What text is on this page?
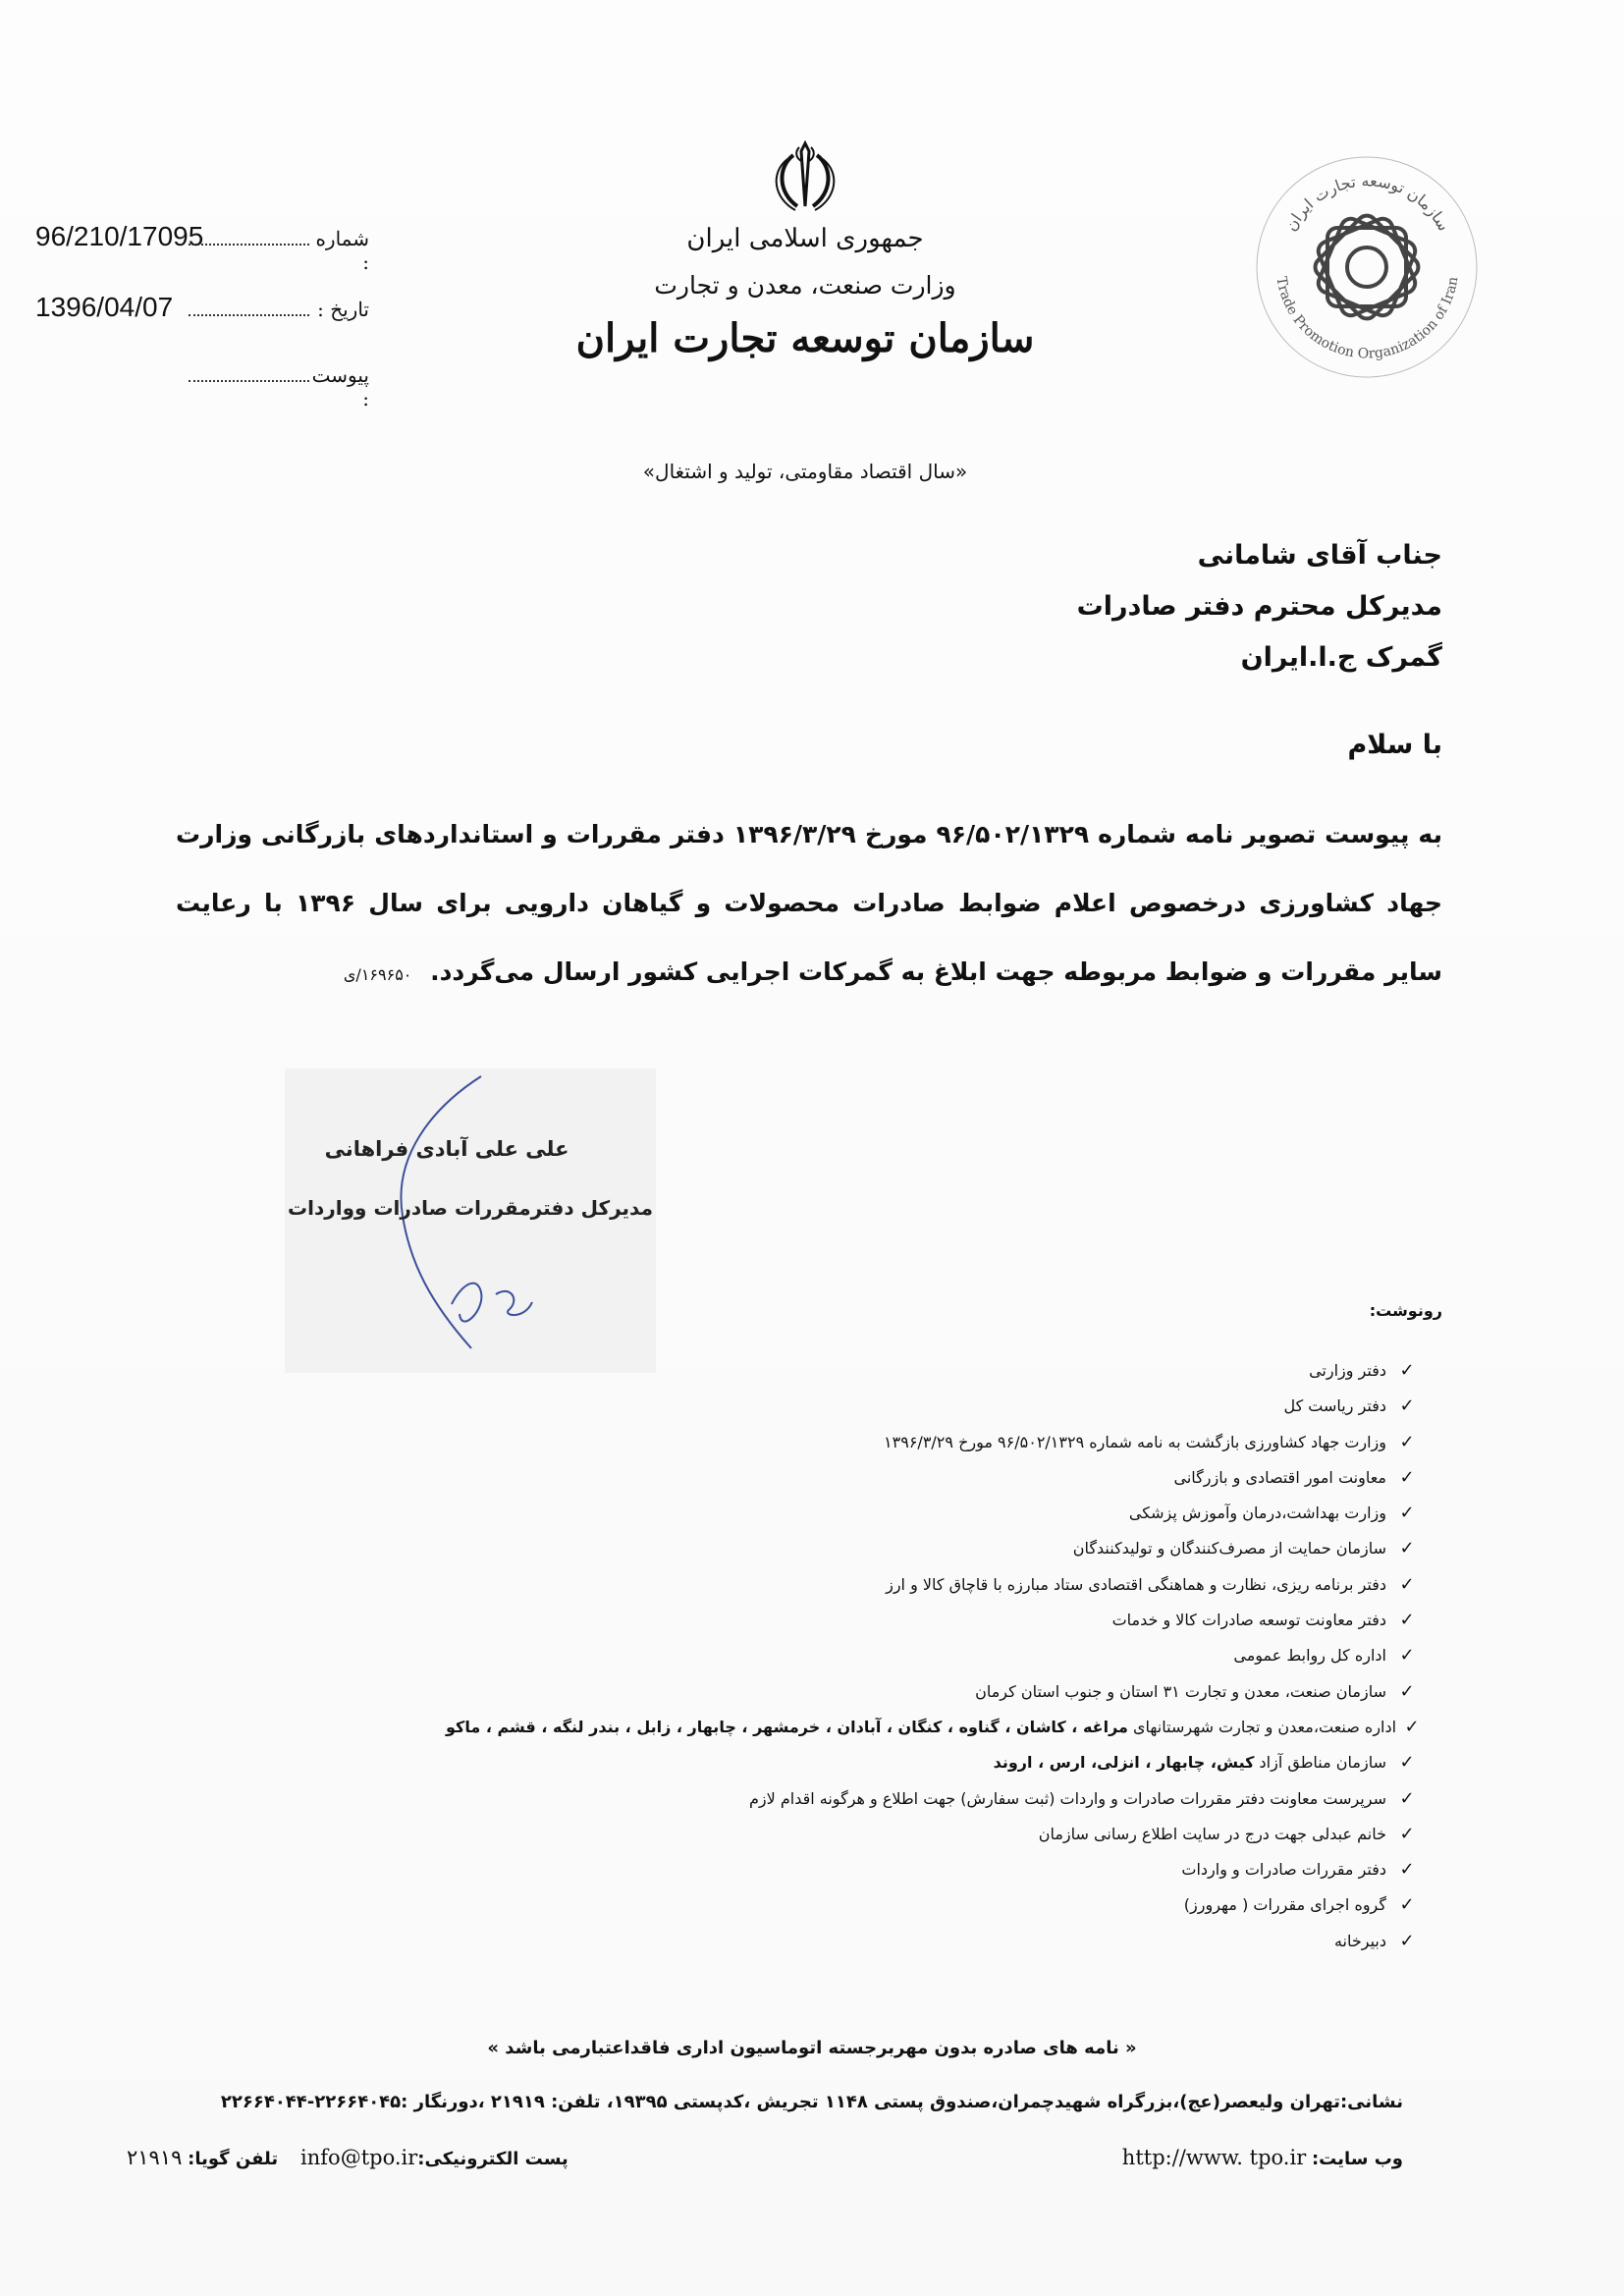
96/210/17095	شماره :
1396/04/07	تاریخ :
پیوست :
جمهوری اسلامی ایران
وزارت صنعت، معدن و تجارت
سازمان توسعه تجارت ایران
«سال اقتصاد مقاومتی، تولید و اشتغال»
سازمان توسعه تجارت ایران
Trade Promotion Organization of Iran
جناب آقای شامانی
مدیرکل محترم دفتر صادرات
گمرک ج.ا.ایران
با سلام
به پیوست تصویر نامه شماره ۹۶/۵۰۲/۱۳۲۹ مورخ ۱۳۹۶/۳/۲۹ دفتر مقررات و استانداردهای بازرگانی وزارت جهاد کشاورزی درخصوص اعلام ضوابط صادرات محصولات و گیاهان دارویی برای سال ۱۳۹۶ با رعایت سایر مقررات و ضوابط مربوطه جهت ابلاغ به گمرکات اجرایی کشور ارسال می‌گردد. ۱۶۹۶۵۰/ی
علی علی آبادی فراهانی
مدیرکل دفترمقررات صادرات وواردات
رونوشت:
✓
دفتر وزارتی
✓
دفتر ریاست کل
✓
وزارت جهاد کشاورزی بازگشت به نامه شماره ۹۶/۵۰۲/۱۳۲۹ مورخ ۱۳۹۶/۳/۲۹
✓
معاونت امور اقتصادی و بازرگانی
✓
وزارت بهداشت،درمان وآموزش پزشکی
✓
سازمان حمایت از مصرف‌کنندگان و تولیدکنندگان
✓
دفتر برنامه ریزی، نظارت و هماهنگی اقتصادی ستاد مبارزه با قاچاق کالا و ارز
✓
دفتر معاونت توسعه صادرات کالا و خدمات
✓
اداره کل روابط عمومی
✓
سازمان صنعت، معدن و تجارت ۳۱ استان و جنوب استان کرمان
✓
اداره صنعت،معدن و تجارت شهرستانهای مراغه ، کاشان ، گناوه ، کنگان ، آبادان ، خرمشهر ، چابهار ، زابل ، بندر لنگه ، قشم ، ماکو
✓
سازمان مناطق آزاد کیش، چابهار ، انزلی، ارس ، اروند
✓
سرپرست معاونت دفتر مقررات صادرات و واردات (ثبت سفارش) جهت اطلاع و هرگونه اقدام لازم
✓
خانم عبدلی جهت درج در سایت اطلاع رسانی سازمان
✓
دفتر مقررات صادرات و واردات
✓
گروه اجرای مقررات ( مهرورز)
✓
دبیرخانه
« نامه های صادره بدون مهربرجسته اتوماسیون اداری فاقداعتبارمی باشد »
نشانی:تهران ولیعصر(عج)،بزرگراه شهیدچمران،صندوق پستی ۱۱۴۸ تجریش ،کدپستی ۱۹۳۹۵، تلفن: ۲۱۹۱۹ ،دورنگار :۲۲۶۶۴۰۴۵-۲۲۶۶۴۰۴۴
وب سایت: http://www. tpo.ir
پست الکترونیکی:info@tpo.ir    تلفن گویا: ۲۱۹۱۹
